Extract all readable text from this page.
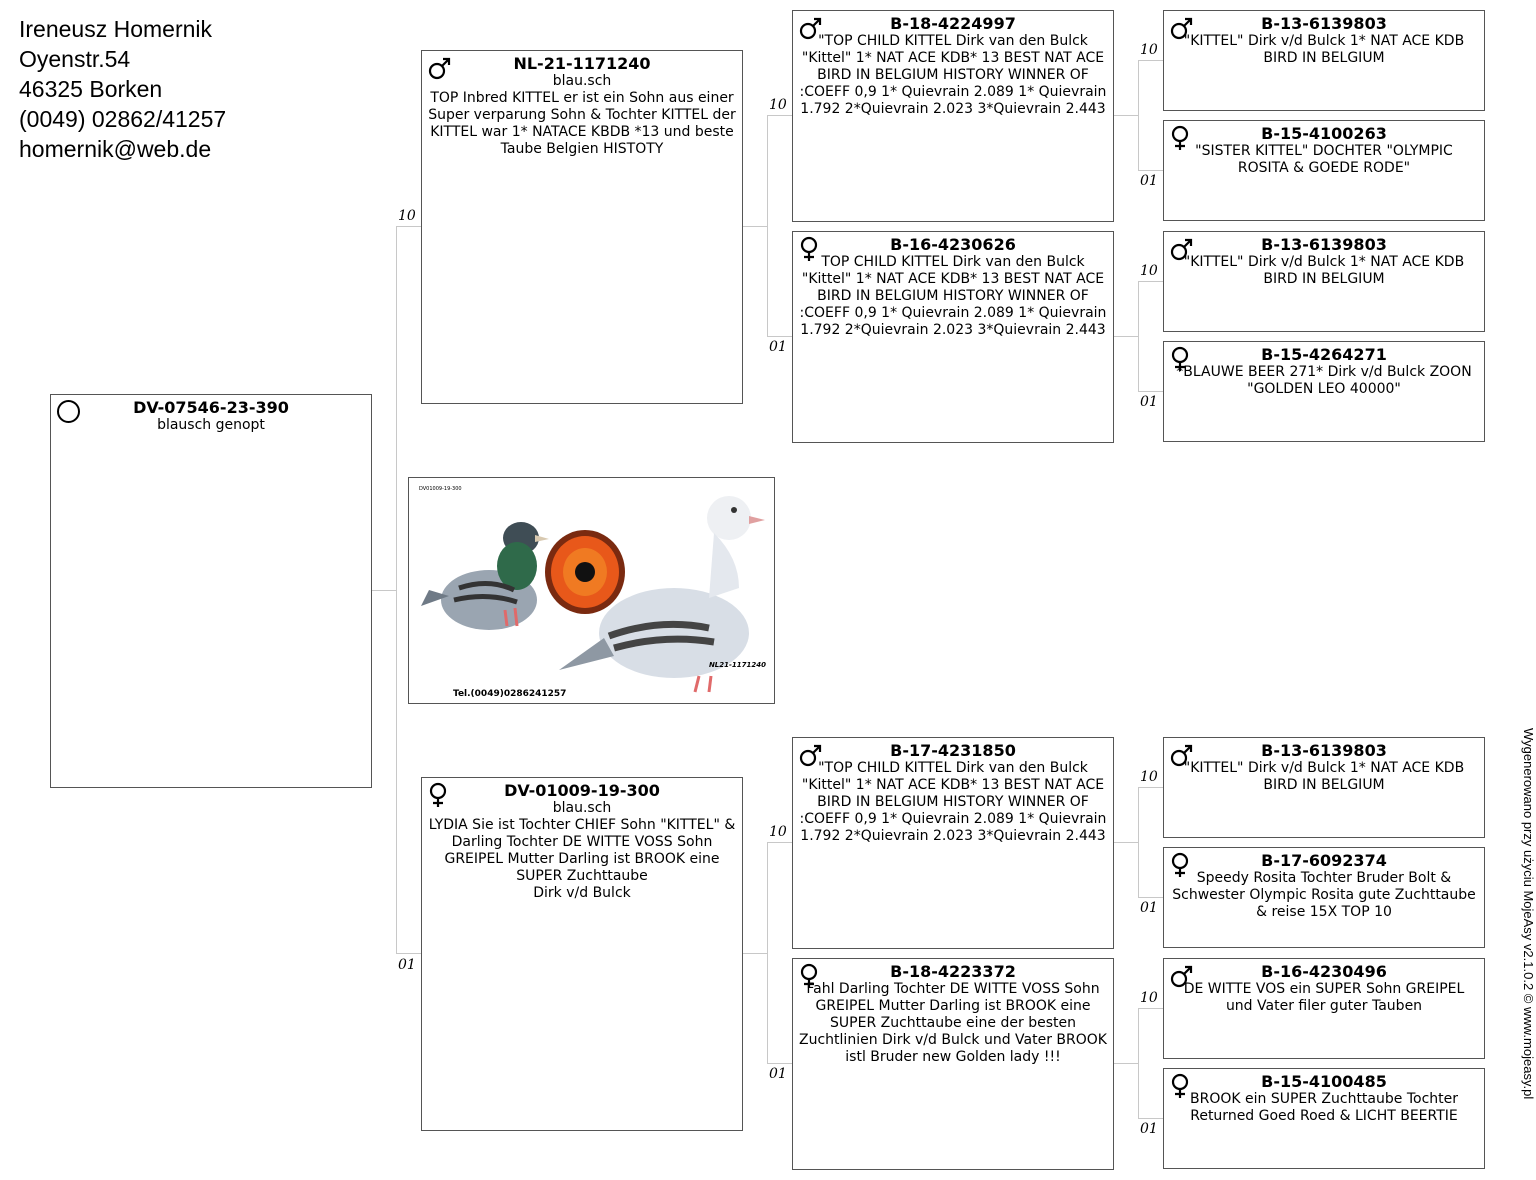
Ireneusz Homernik
Oyenstr.54
46325 Borken
(0049) 02862/41257
homernik@web.de
10
01
10
01
10
01
10
01
10
01
10
01
10
01
DV-07546-23-390
blausch genopt
NL-21-1171240
blau.sch
TOP Inbred KITTEL er ist ein Sohn aus einer Super verparung Sohn & Tochter KITTEL der KITTEL war 1* NATACE KBDB *13 und beste Taube Belgien HISTOTY
DV-01009-19-300
blau.sch
LYDIA Sie ist Tochter CHIEF Sohn "KITTEL" & Darling Tochter DE WITTE VOSS Sohn GREIPEL Mutter Darling ist BROOK eine SUPER Zuchttaube
Dirk v/d Bulck
B-18-4224997
"TOP CHILD KITTEL Dirk van den Bulck "Kittel" 1* NAT ACE KDB* 13 BEST NAT ACE BIRD IN BELGIUM HISTORY WINNER OF :COEFF 0,9 1* Quievrain 2.089 1* Quievrain 1.792 2*Quievrain 2.023 3*Quievrain 2.443
B-16-4230626
TOP CHILD KITTEL Dirk van den Bulck "Kittel" 1* NAT ACE KDB* 13 BEST NAT ACE BIRD IN BELGIUM HISTORY WINNER OF :COEFF 0,9 1* Quievrain 2.089 1* Quievrain 1.792 2*Quievrain 2.023 3*Quievrain 2.443
B-17-4231850
"TOP CHILD KITTEL Dirk van den Bulck "Kittel" 1* NAT ACE KDB* 13 BEST NAT ACE BIRD IN BELGIUM HISTORY WINNER OF :COEFF 0,9 1* Quievrain 2.089 1* Quievrain 1.792 2*Quievrain 2.023 3*Quievrain 2.443
B-18-4223372
Fahl Darling Tochter DE WITTE VOSS Sohn GREIPEL Mutter Darling ist BROOK eine SUPER Zuchttaube eine der besten Zuchtlinien Dirk v/d Bulck und Vater BROOK istl Bruder new Golden lady !!!
B-13-6139803
"KITTEL" Dirk v/d Bulck 1* NAT ACE KDB BIRD IN BELGIUM
B-15-4100263
"SISTER KITTEL" DOCHTER "OLYMPIC ROSITA & GOEDE RODE"
B-13-6139803
"KITTEL" Dirk v/d Bulck 1* NAT ACE KDB BIRD IN BELGIUM
B-15-4264271
*BLAUWE BEER 271* Dirk v/d Bulck ZOON "GOLDEN LEO 40000"
B-13-6139803
"KITTEL" Dirk v/d Bulck 1* NAT ACE KDB BIRD IN BELGIUM
B-17-6092374
Speedy Rosita Tochter Bruder Bolt & Schwester Olympic Rosita gute Zuchttaube & reise 15X TOP 10
B-16-4230496
DE WITTE VOS ein SUPER Sohn GREIPEL und Vater filer guter Tauben
B-15-4100485
BROOK ein SUPER Zuchttaube Tochter Returned Goed Roed & LICHT BEERTIE
DV01009-19-300
NL21-1171240
Tel.(0049)0286241257
Wygenerowano przy użyciu MojeAsy v2.1.0.2 © www.mojeasy.pl
